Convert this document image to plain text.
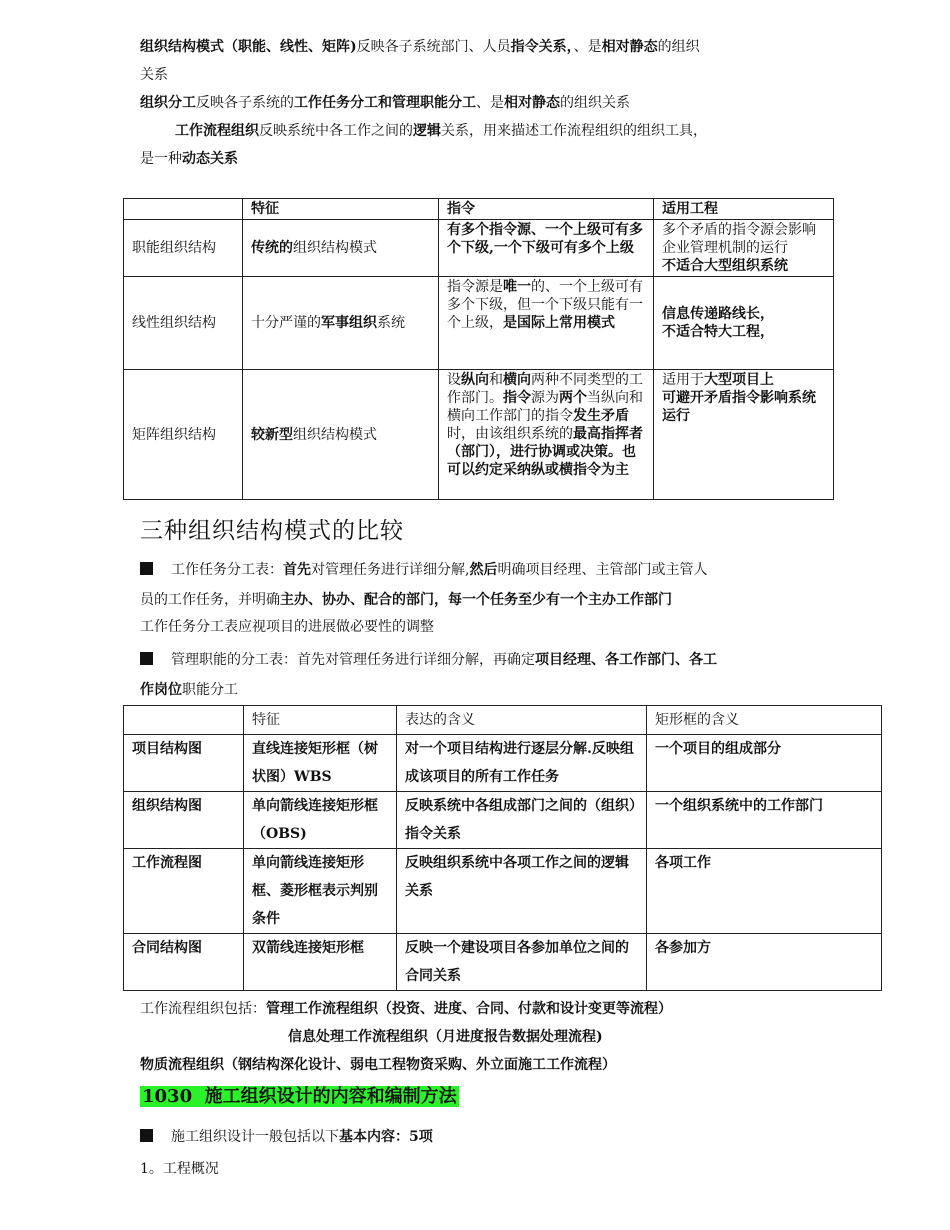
组织结构模式（职能、线性、矩阵)反映各子系统部门、人员指令关系，、是相对静态的组织
关系
组织分工反映各子系统的工作任务分工和管理职能分工、是相对静态的组织关系
工作流程组织反映系统中各工作之间的逻辑关系，用来描述工作流程组织的组织工具，
是一种动态关系
	特征	指令	适用工程
职能组织结构	传统的组织结构模式	有多个指令源、一个上级可有多个下级,一个下级可有多个上级	多个矛盾的指令源会影响企业管理机制的运行
不适合大型组织系统
线性组织结构	十分严谨的军事组织系统	指令源是唯一的、一个上级可有多个下级，但一个下级只能有一个上级，是国际上常用模式	信息传递路线长，
不适合特大工程，
矩阵组织结构	较新型组织结构模式	设纵向和横向两种不同类型的工作部门。指令源为两个当纵向和横向工作部门的指令发生矛盾时，由该组织系统的最高指挥者（部门），进行协调或决策。也可以约定采纳纵或横指令为主	适用于大型项目上
可避开矛盾指令影响系统运行
三种组织结构模式的比较
工作任务分工表：首先对管理任务进行详细分解,然后明确项目经理、主管部门或主管人
员的工作任务，并明确主办、协办、配合的部门，每一个任务至少有一个主办工作部门
工作任务分工表应视项目的进展做必要性的调整
管理职能的分工表：首先对管理任务进行详细分解，再确定项目经理、各工作部门、各工
作岗位职能分工
	特征	表达的含义	矩形框的含义
项目结构图	直线连接矩形框（树状图）WBS	对一个项目结构进行逐层分解.反映组成该项目的所有工作任务	一个项目的组成部分
组织结构图	单向箭线连接矩形框（OBS)	反映系统中各组成部门之间的（组织）指令关系	一个组织系统中的工作部门
工作流程图	单向箭线连接矩形框、菱形框表示判别条件	反映组织系统中各项工作之间的逻辑关系	各项工作
合同结构图	双箭线连接矩形框	反映一个建设项目各参加单位之间的合同关系	各参加方
工作流程组织包括：管理工作流程组织（投资、进度、合同、付款和设计变更等流程）
信息处理工作流程组织（月进度报告数据处理流程)
物质流程组织（钢结构深化设计、弱电工程物资采购、外立面施工工作流程）
1030 施工组织设计的内容和编制方法
施工组织设计一般包括以下基本内容：5项
1。工程概况
